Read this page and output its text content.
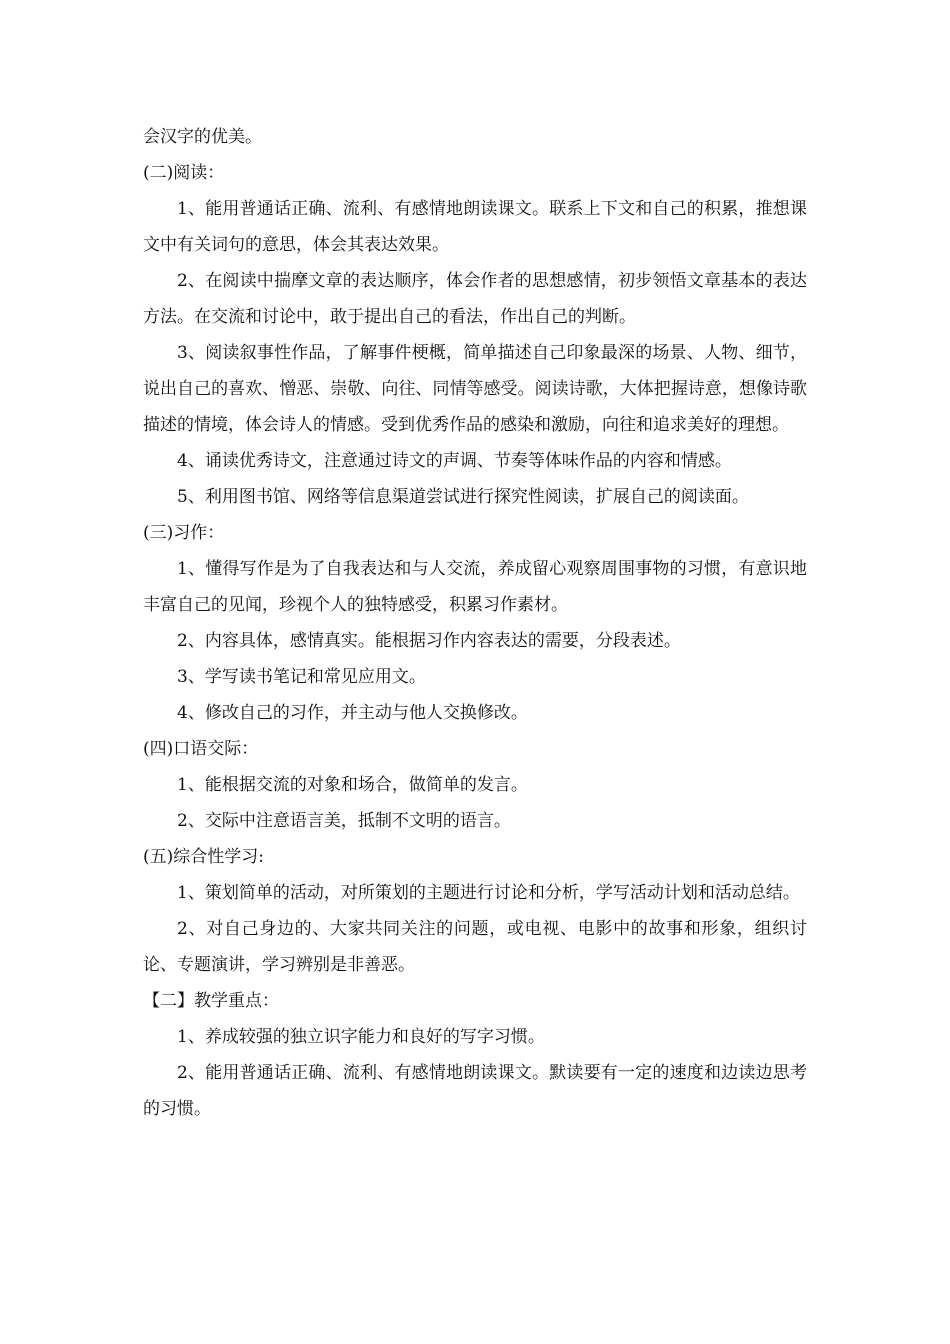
会汉字的优美。

(二)阅读：

1、能用普通话正确、流利、有感情地朗读课文。联系上下文和自己的积累，推想课文中有关词句的意思，体会其表达效果。

2、在阅读中揣摩文章的表达顺序，体会作者的思想感情，初步领悟文章基本的表达方法。在交流和讨论中，敢于提出自己的看法，作出自己的判断。

3、阅读叙事性作品，了解事件梗概，简单描述自己印象最深的场景、人物、细节，说出自己的喜欢、憎恶、崇敬、向往、同情等感受。阅读诗歌，大体把握诗意，想像诗歌描述的情境，体会诗人的情感。受到优秀作品的感染和激励，向往和追求美好的理想。

4、诵读优秀诗文，注意通过诗文的声调、节奏等体味作品的内容和情感。

5、利用图书馆、网络等信息渠道尝试进行探究性阅读，扩展自己的阅读面。

(三)习作：

1、懂得写作是为了自我表达和与人交流，养成留心观察周围事物的习惯，有意识地丰富自己的见闻，珍视个人的独特感受，积累习作素材。

2、内容具体，感情真实。能根据习作内容表达的需要，分段表述。

3、学写读书笔记和常见应用文。

4、修改自己的习作，并主动与他人交换修改。

(四)口语交际：

1、能根据交流的对象和场合，做简单的发言。

2、交际中注意语言美，抵制不文明的语言。

(五)综合性学习:

1、策划简单的活动，对所策划的主题进行讨论和分析，学写活动计划和活动总结。

2、对自己身边的、大家共同关注的问题，或电视、电影中的故事和形象，组织讨论、专题演讲，学习辨别是非善恶。

【二】教学重点：

1、养成较强的独立识字能力和良好的写字习惯。

2、能用普通话正确、流利、有感情地朗读课文。默读要有一定的速度和边读边思考的习惯。
